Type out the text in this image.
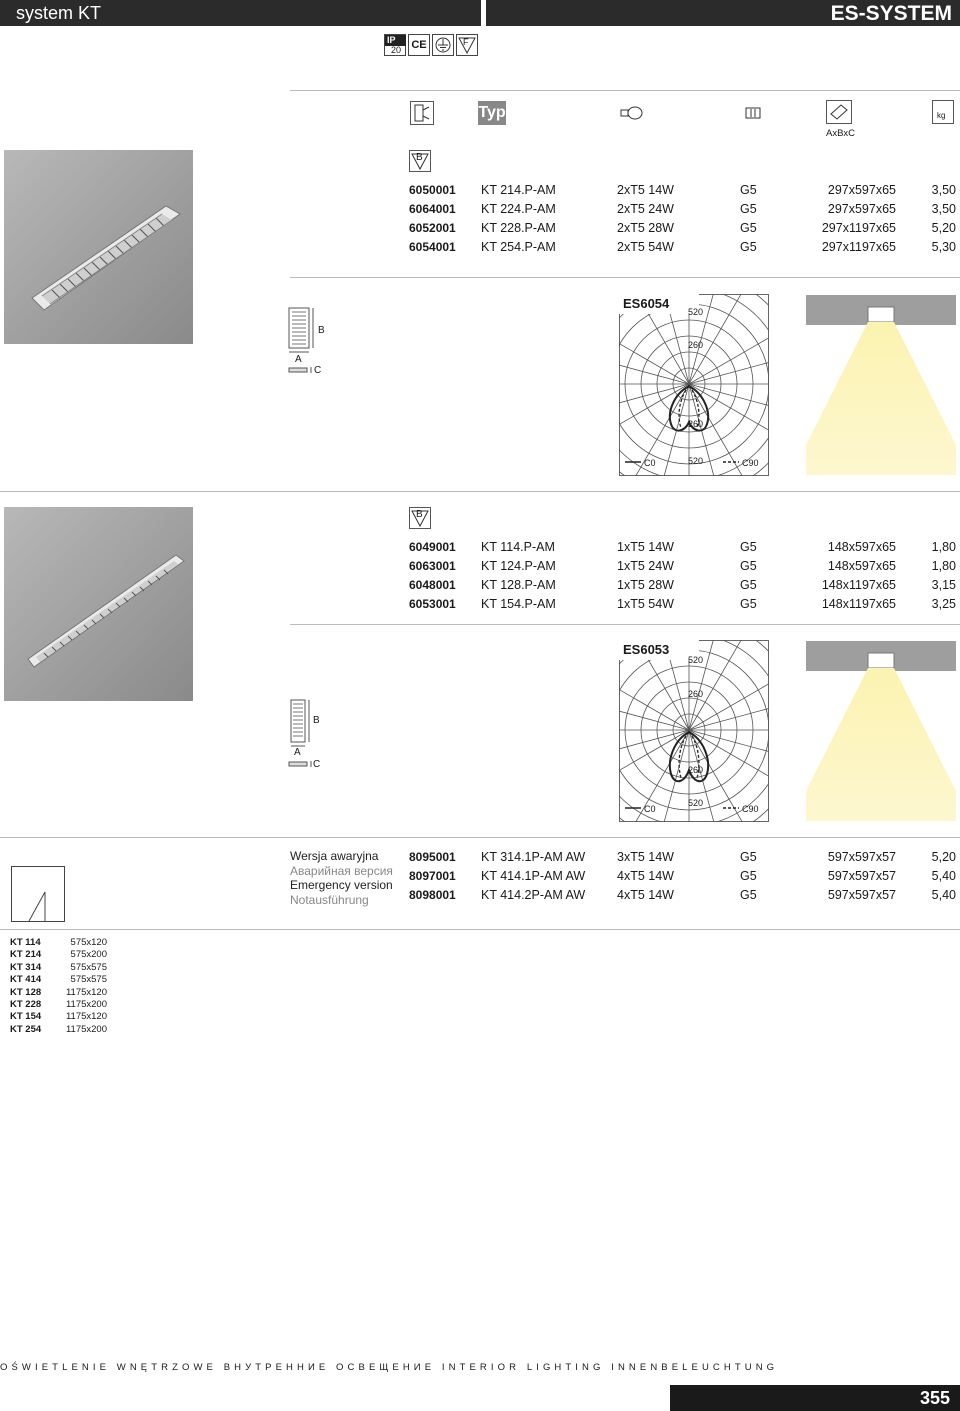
system KT	ES-SYSTEM
IP
20 CE	F
Typ
AxBxC
kg
B
6050001	KT 214.P-AM	2xT5 14W	G5	297x597x65	3,50
6064001	KT 224.P-AM	2xT5 24W	G5	297x597x65	3,50
6052001	KT 228.P-AM	2xT5 28W	G5	297x1197x65	5,20
6054001	KT 254.P-AM	2xT5 54W	G5	297x1197x65	5,30
B
A
C
ES6054
520
260
260
520
C0	C90
B
6049001	KT 114.P-AM	1xT5 14W	G5	148x597x65	1,80
6063001	KT 124.P-AM	1xT5 24W	G5	148x597x65	1,80
6048001	KT 128.P-AM	1xT5 28W	G5	148x1197x65	3,15
6053001	KT 154.P-AM	1xT5 54W	G5	148x1197x65	3,25
B
A
C
ES6053
520
260
260
520
C0	C90
Wersja awaryjna
Аварийная версия
Emergency version
Notausführung
8095001	KT 314.1P-AM AW	3xT5 14W	G5	597x597x57	5,20
8097001	KT 414.1P-AM AW	4xT5 14W	G5	597x597x57	5,40
8098001	KT 414.2P-AM AW	4xT5 14W	G5	597x597x57	5,40
KT 114	575x120
KT 214	575x200
KT 314	575x575
KT 414	575x575
KT 128	1175x120
KT 228	1175x200
KT 154	1175x120
KT 254	1175x200
OŚWIETLENIE WNĘTRZOWE ВНУТРЕННИЕ ОСВЕЩЕНИЕ INTERIOR LIGHTING INNENBELEUCHTUNG
355
